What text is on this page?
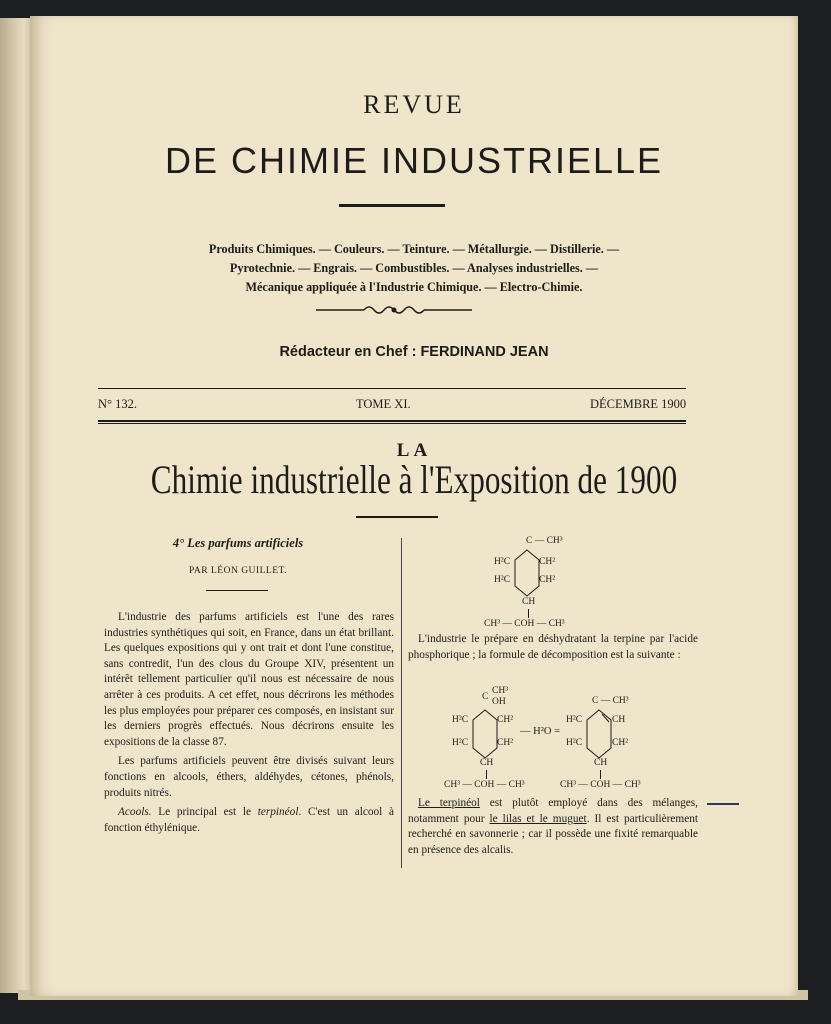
REVUE
DE CHIMIE INDUSTRIELLE
Produits Chimiques. — Couleurs. — Teinture. — Métallurgie. — Distillerie. —
Pyrotechnie. — Engrais. — Combustibles. — Analyses industrielles. —
Mécanique appliquée à l'Industrie Chimique. — Electro-Chimie.
Rédacteur en Chef : FERDINAND JEAN
N° 132.	TOME XI.	DÉCEMBRE 1900
LA
Chimie industrielle à l'Exposition de 1900
4° Les parfums artificiels
PAR LÉON GUILLET.

L'industrie des parfums artificiels est l'une des rares industries synthétiques qui soit, en France, dans un état brillant. Les quelques expositions qui y ont trait et dont l'une constitue, sans contredit, l'un des clous du Groupe XIV, présentent un intérêt tellement particulier qu'il nous est nécessaire de nous arrêter à ces produits. A cet effet, nous décrirons les méthodes les plus employées pour préparer ces composés, en insistant sur les derniers progrès effectués. Nous décrirons ensuite les expositions de la classe 87.

Les parfums artificiels peuvent être divisés suivant leurs fonctions en alcools, éthers, aldéhydes, cétones, phénols, produits nitrés.

Acools. Le principal est le terpinéol. C'est un alcool à fonction éthylénique.

C — CH³
H²C	CH²
H²C	CH²
CH
CH³ — COH — CH³

L'industrie le prépare en déshydratant la terpine par l'acide phosphorique ; la formule de décomposition est la suivante :

C
CH³
OH
H²C	CH²
H²C	CH²
CH
CH³ — COH — CH³
— H²O =
C — CH³
H²C	CH
H²C	CH²
CH
CH³ — COH — CH³

Le terpinéol est plutôt employé dans des mélanges, notamment pour le lilas et le muguet. Il est particulièrement recherché en savonnerie ; car il possède une fixité remarquable en présence des alcalis.
